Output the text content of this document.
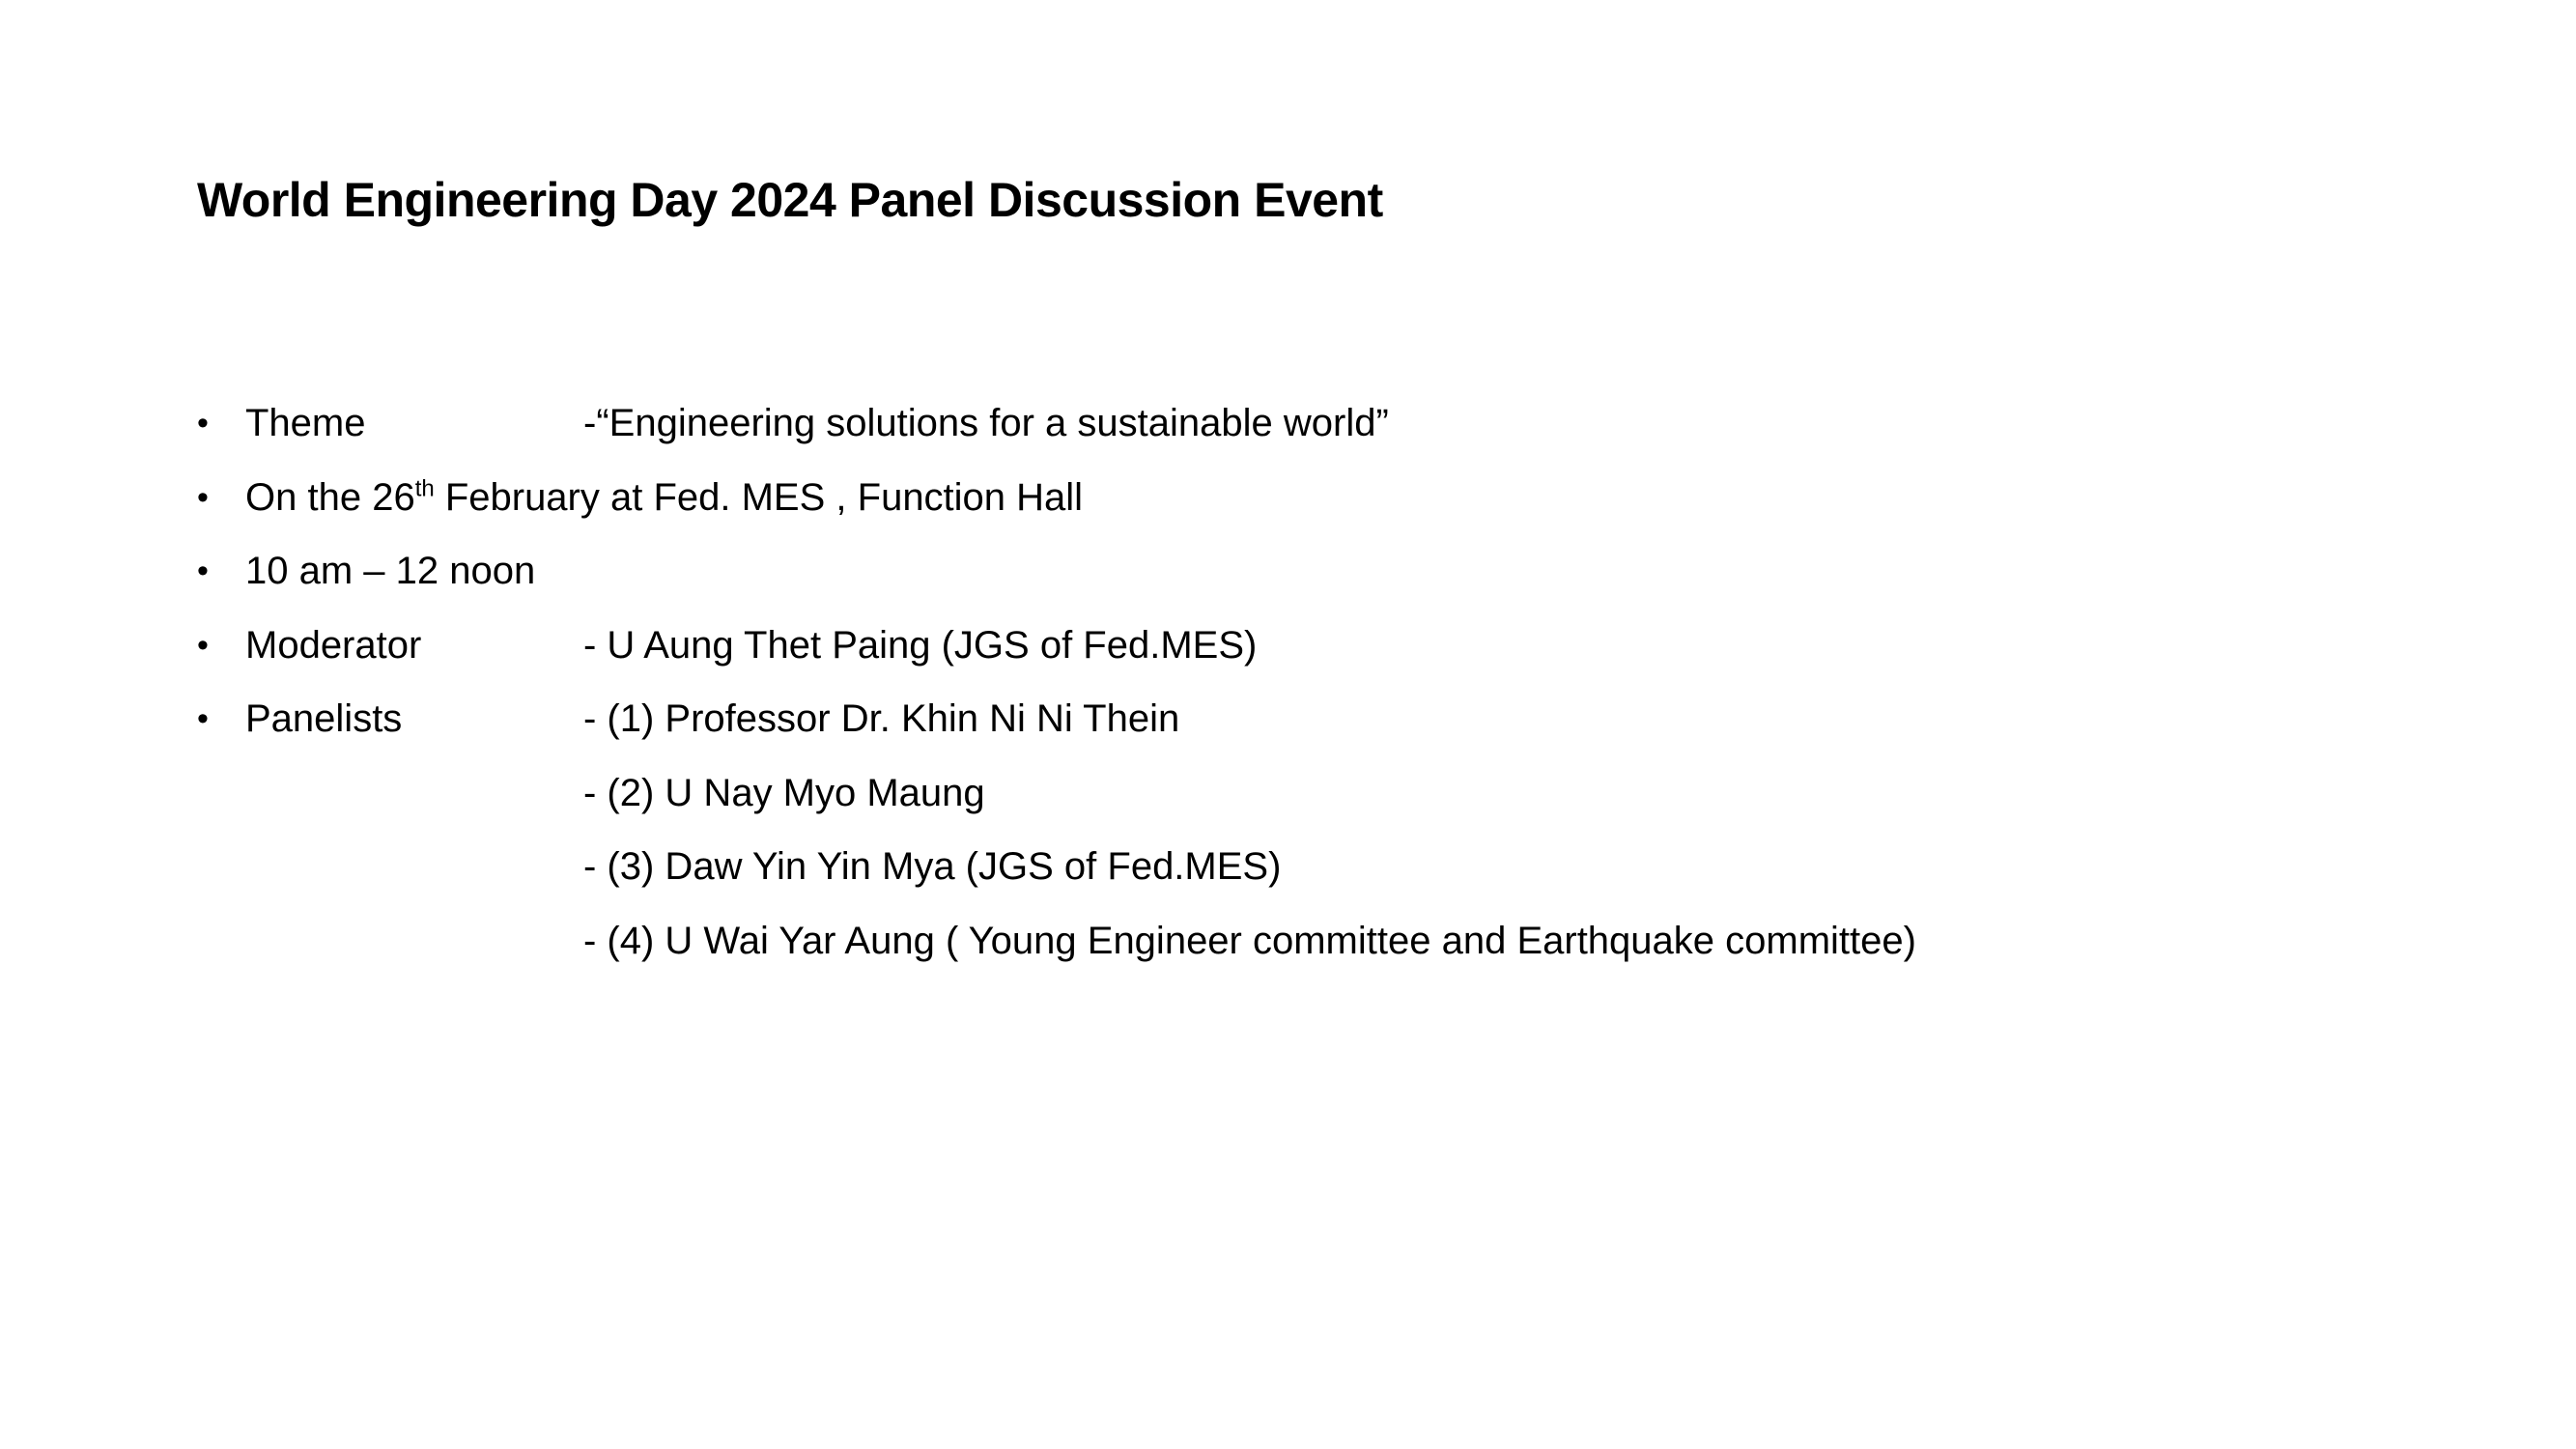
World Engineering Day 2024 Panel Discussion Event
• Theme	-“Engineering solutions for a sustainable world”
• On the 26th February at Fed. MES , Function Hall
• 10 am – 12 noon
• Moderator	- U Aung Thet Paing (JGS of Fed.MES)
• Panelists	- (1) Professor Dr. Khin Ni Ni Thein
- (2) U Nay Myo Maung
- (3) Daw Yin Yin Mya (JGS of Fed.MES)
- (4) U Wai Yar Aung ( Young Engineer committee and Earthquake committee)
